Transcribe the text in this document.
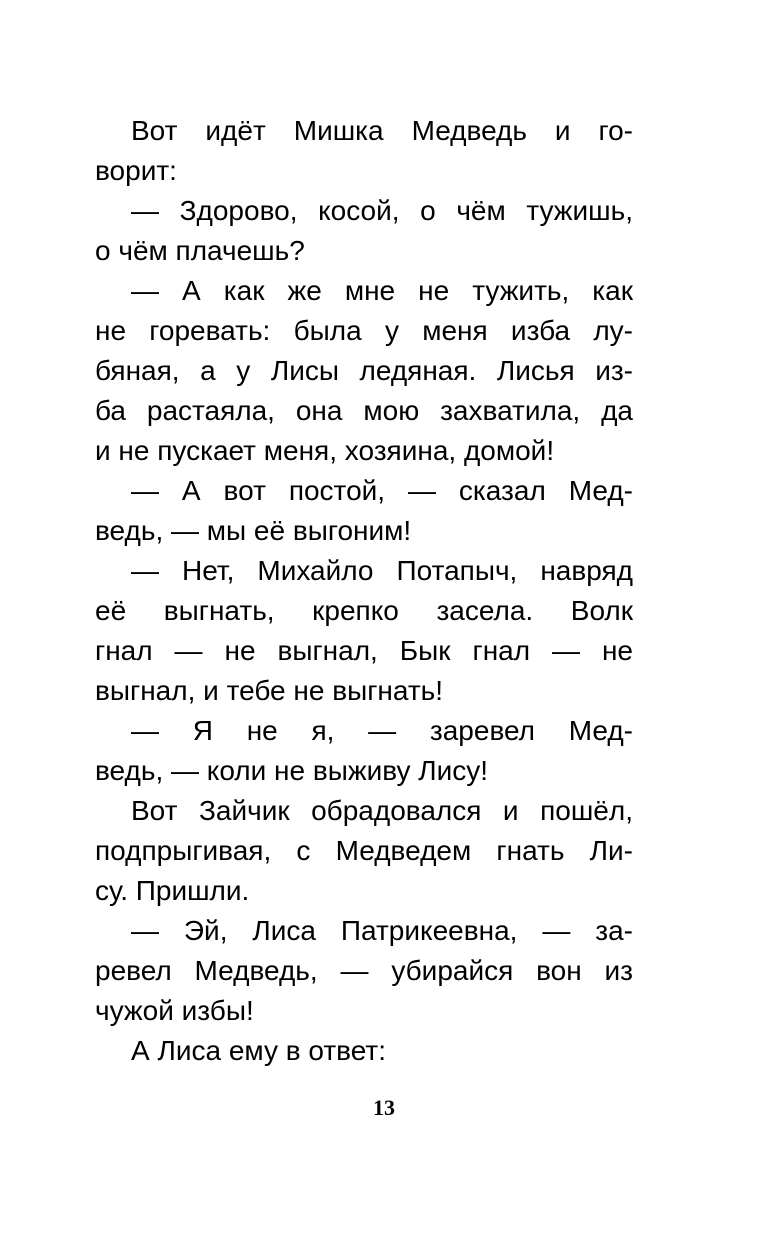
Вот идёт Мишка Медведь и го-
ворит:
— Здорово, косой, о чём тужишь,
о чём плачешь?
— А как же мне не тужить, как
не горевать: была у меня изба лу-
бяная, а у Лисы ледяная. Лисья из-
ба растаяла, она мою захватила, да
и не пускает меня, хозяина, домой!
— А вот постой, — сказал Мед-
ведь, — мы её выгоним!
— Нет, Михайло Потапыч, навряд
её выгнать, крепко засела. Волк
гнал — не выгнал, Бык гнал — не
выгнал, и тебе не выгнать!
— Я не я, — заревел Мед-
ведь, — коли не выживу Лису!
Вот Зайчик обрадовался и пошёл,
подпрыгивая, с Медведем гнать Ли-
су. Пришли.
— Эй, Лиса Патрикеевна, — за-
ревел Медведь, — убирайся вон из
чужой избы!
А Лиса ему в ответ:
13
